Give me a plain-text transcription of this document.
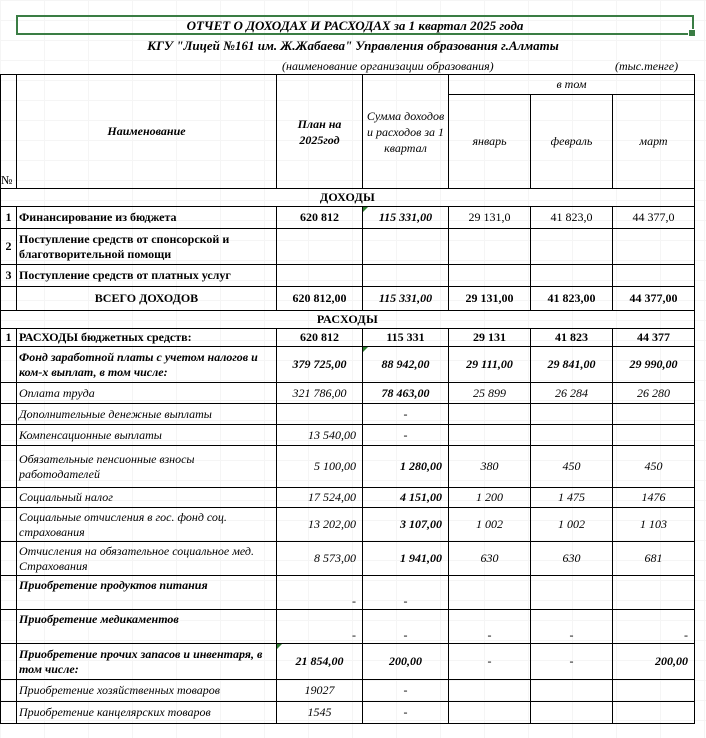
ОТЧЕТ О ДОХОДАХ И РАСХОДАХ за 1 квартал 2025 года
КГУ "Лицей №161 им. Ж.Жабаева" Управления образования г.Алматы
(наименование организации образования)	(тыс.тенге)
№	Наименование	План на 2025год	Сумма доходов и расходов за 1 квартал	в том		
				январь	февраль	март
ДОХОДЫ						
1	Финансирование из бюджета	620 812	115 331,00	29 131,0	41 823,0	44 377,0
2	Поступление средств от спонсорской и благотворительной помощи					
3	Поступление средств от платных услуг					
	ВСЕГО ДОХОДОВ	620 812,00	115 331,00	29 131,00	41 823,00	44 377,00
РАСХОДЫ						
1	РАСХОДЫ бюджетных средств:	620 812	115 331	29 131	41 823	44 377
	Фонд заработной платы с учетом налогов и ком-х выплат, в том числе:	379 725,00	88 942,00	29 111,00	29 841,00	29 990,00
	Оплата труда	321 786,00	78 463,00	25 899	26 284	26 280
	Дополнительные денежные выплаты		-			
	Компенсационные выплаты	13 540,00	-			
	Обязательные пенсионные взносы работодателей	5 100,00	1 280,00	380	450	450
	Социальный налог	17 524,00	4 151,00	1 200	1 475	1476
	Социальные отчисления в гос. фонд соц. страхования	13 202,00	3 107,00	1 002	1 002	1 103
	Отчисления на обязательное социальное мед. Страхования	8 573,00	1 941,00	630	630	681
	Приобретение продуктов питания	-	-			
	Приобретение медикаментов	-	-	-	-	-
	Приобретение прочих запасов и инвентаря, в том числе:	21 854,00	200,00	-	-	200,00
	Приобретение хозяйственных товаров	19027	-			
	Приобретение канцелярских товаров	1545	-			
